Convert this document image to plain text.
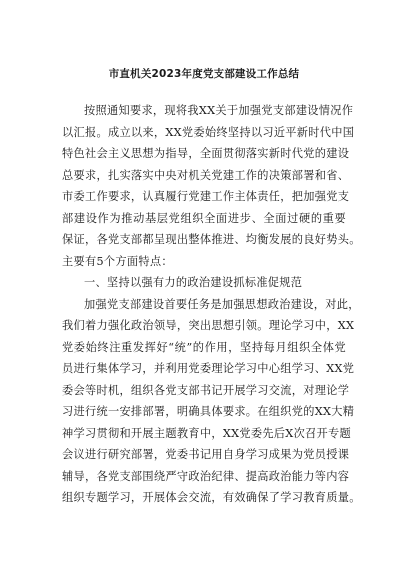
市直机关2023年度党支部建设工作总结
按照通知要求，现将我XX关于加强党支部建设情况作
以汇报。成立以来，XX党委始终坚持以习近平新时代中国
特色社会主义思想为指导，全面贯彻落实新时代党的建设
总要求，扎实落实中央对机关党建工作的决策部署和省、
市委工作要求，认真履行党建工作主体责任，把加强党支
部建设作为推动基层党组织全面进步、全面过硬的重要
保证，各党支部都呈现出整体推进、均衡发展的良好势头。
主要有5个方面特点：
一、坚持以强有力的政治建设抓标准促规范
加强党支部建设首要任务是加强思想政治建设，对此，
我们着力强化政治领导，突出思想引领。理论学习中，XX
党委始终注重发挥好“统”的作用，坚持每月组织全体党
员进行集体学习，并利用党委理论学习中心组学习、XX党
委会等时机，组织各党支部书记开展学习交流，对理论学
习进行统一安排部署，明确具体要求。在组织党的XX大精
神学习贯彻和开展主题教育中，XX党委先后X次召开专题
会议进行研究部署，党委书记用自身学习成果为党员授课
辅导，各党支部围绕严守政治纪律、提高政治能力等内容
组织专题学习，开展体会交流，有效确保了学习教育质量。
